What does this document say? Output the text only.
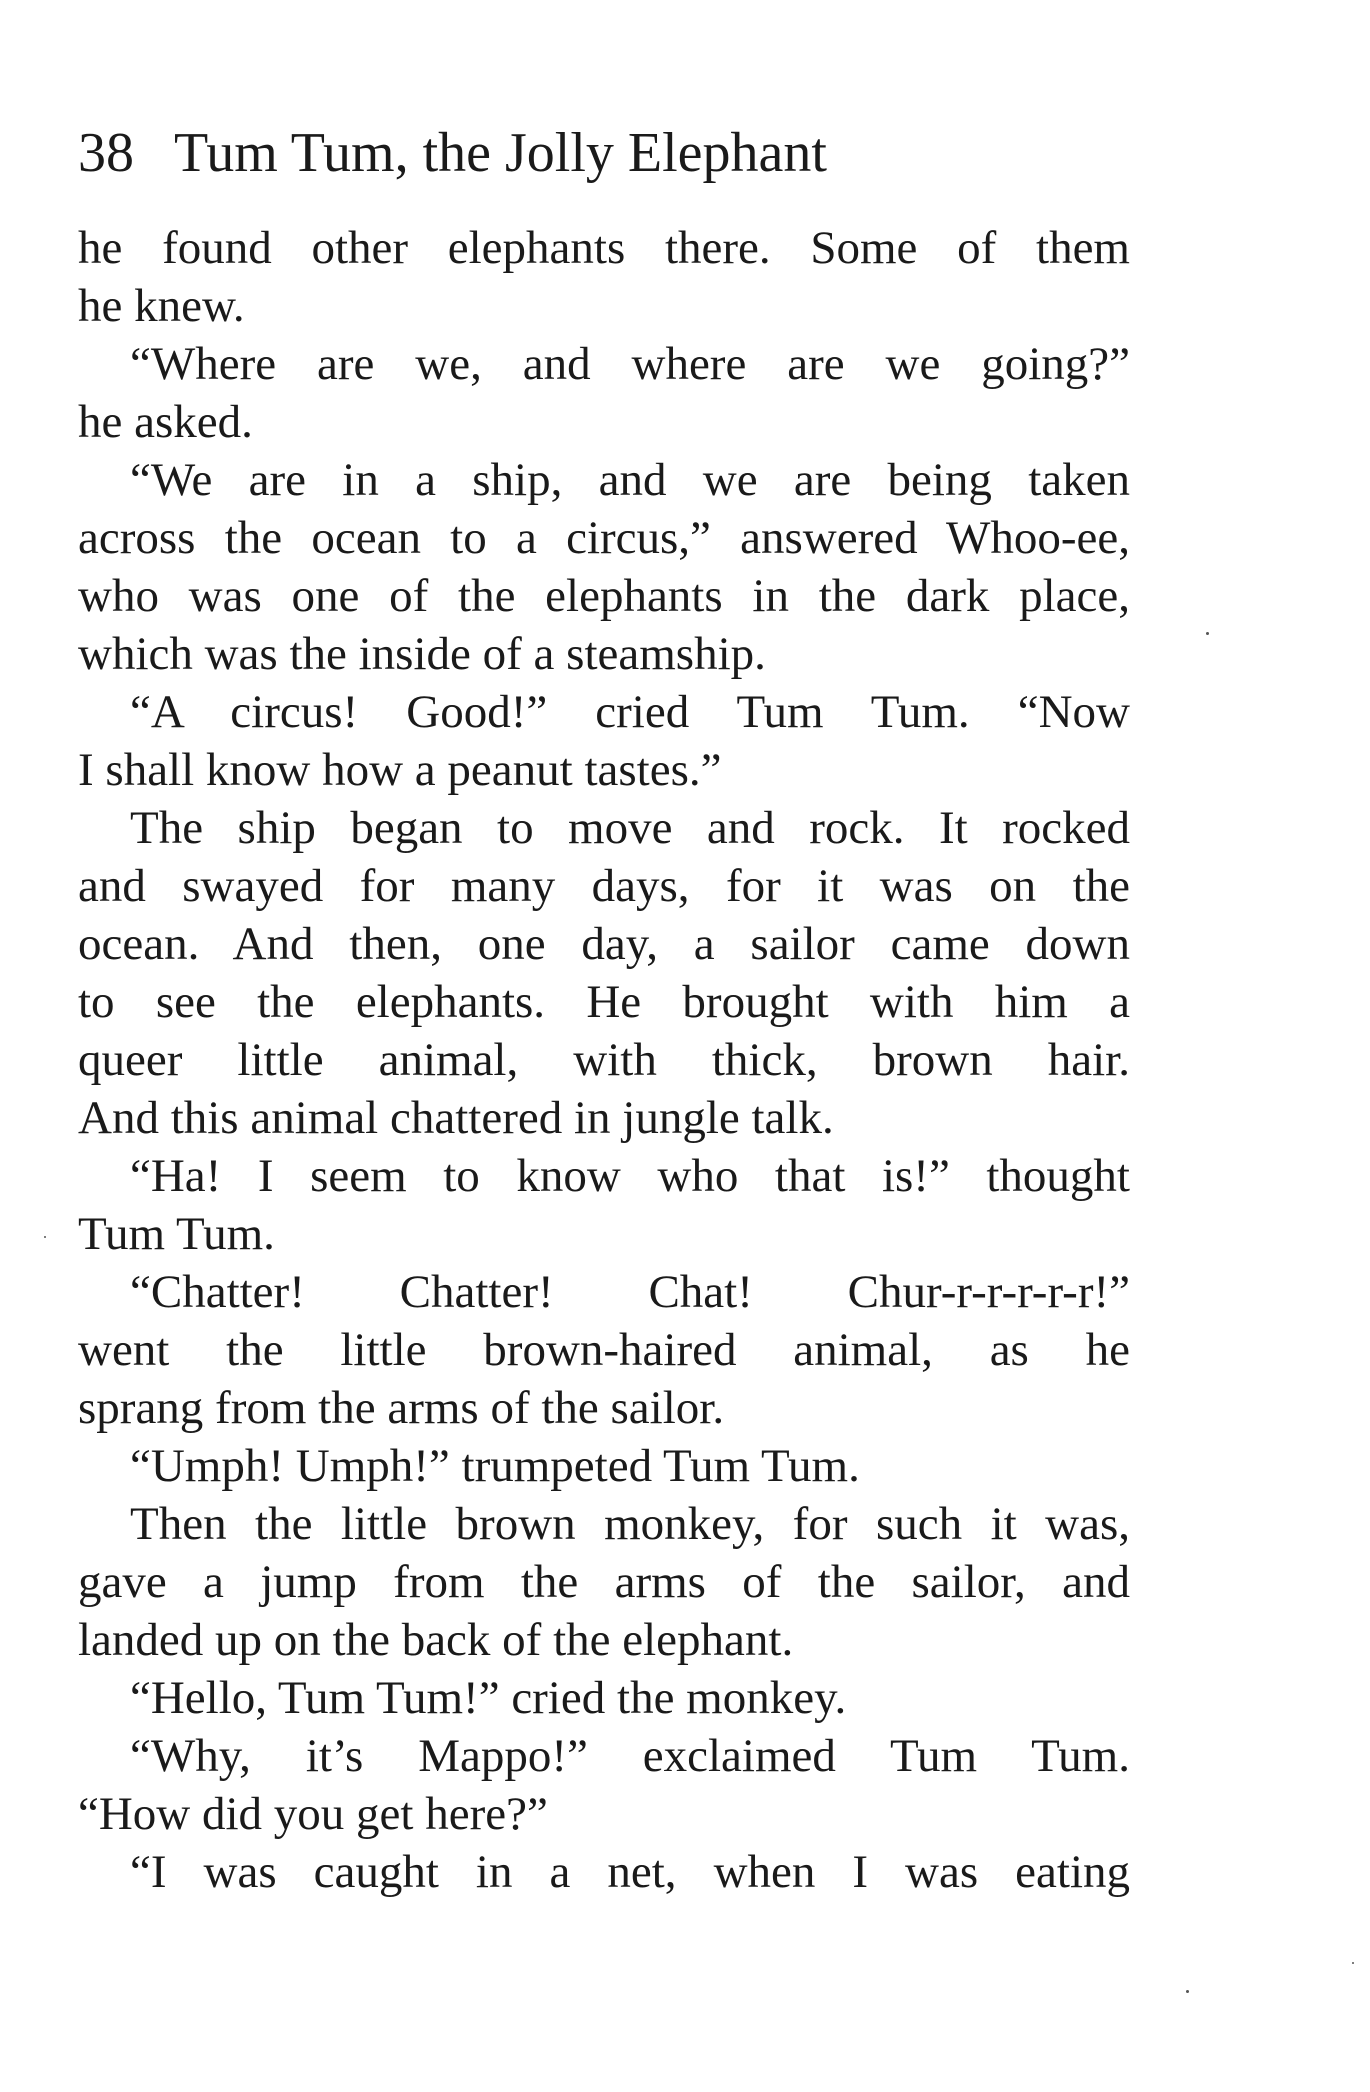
38 Tum Tum, the Jolly Elephant
he found other elephants there. Some of them
he knew.
“Where are we, and where are we going?”
he asked.
“We are in a ship, and we are being taken
across the ocean to a circus,” answered Whoo-ee,
who was one of the elephants in the dark place,
which was the inside of a steamship.
“A circus! Good!” cried Tum Tum. “Now
I shall know how a peanut tastes.”
The ship began to move and rock. It rocked
and swayed for many days, for it was on the
ocean. And then, one day, a sailor came down
to see the elephants. He brought with him a
queer little animal, with thick, brown hair.
And this animal chattered in jungle talk.
“Ha! I seem to know who that is!” thought
Tum Tum.
“Chatter! Chatter! Chat! Chur-r-r-r-r-r!”
went the little brown-haired animal, as he
sprang from the arms of the sailor.
“Umph! Umph!” trumpeted Tum Tum.
Then the little brown monkey, for such it was,
gave a jump from the arms of the sailor, and
landed up on the back of the elephant.
“Hello, Tum Tum!” cried the monkey.
“Why, it’s Mappo!” exclaimed Tum Tum.
“How did you get here?”
“I was caught in a net, when I was eating
